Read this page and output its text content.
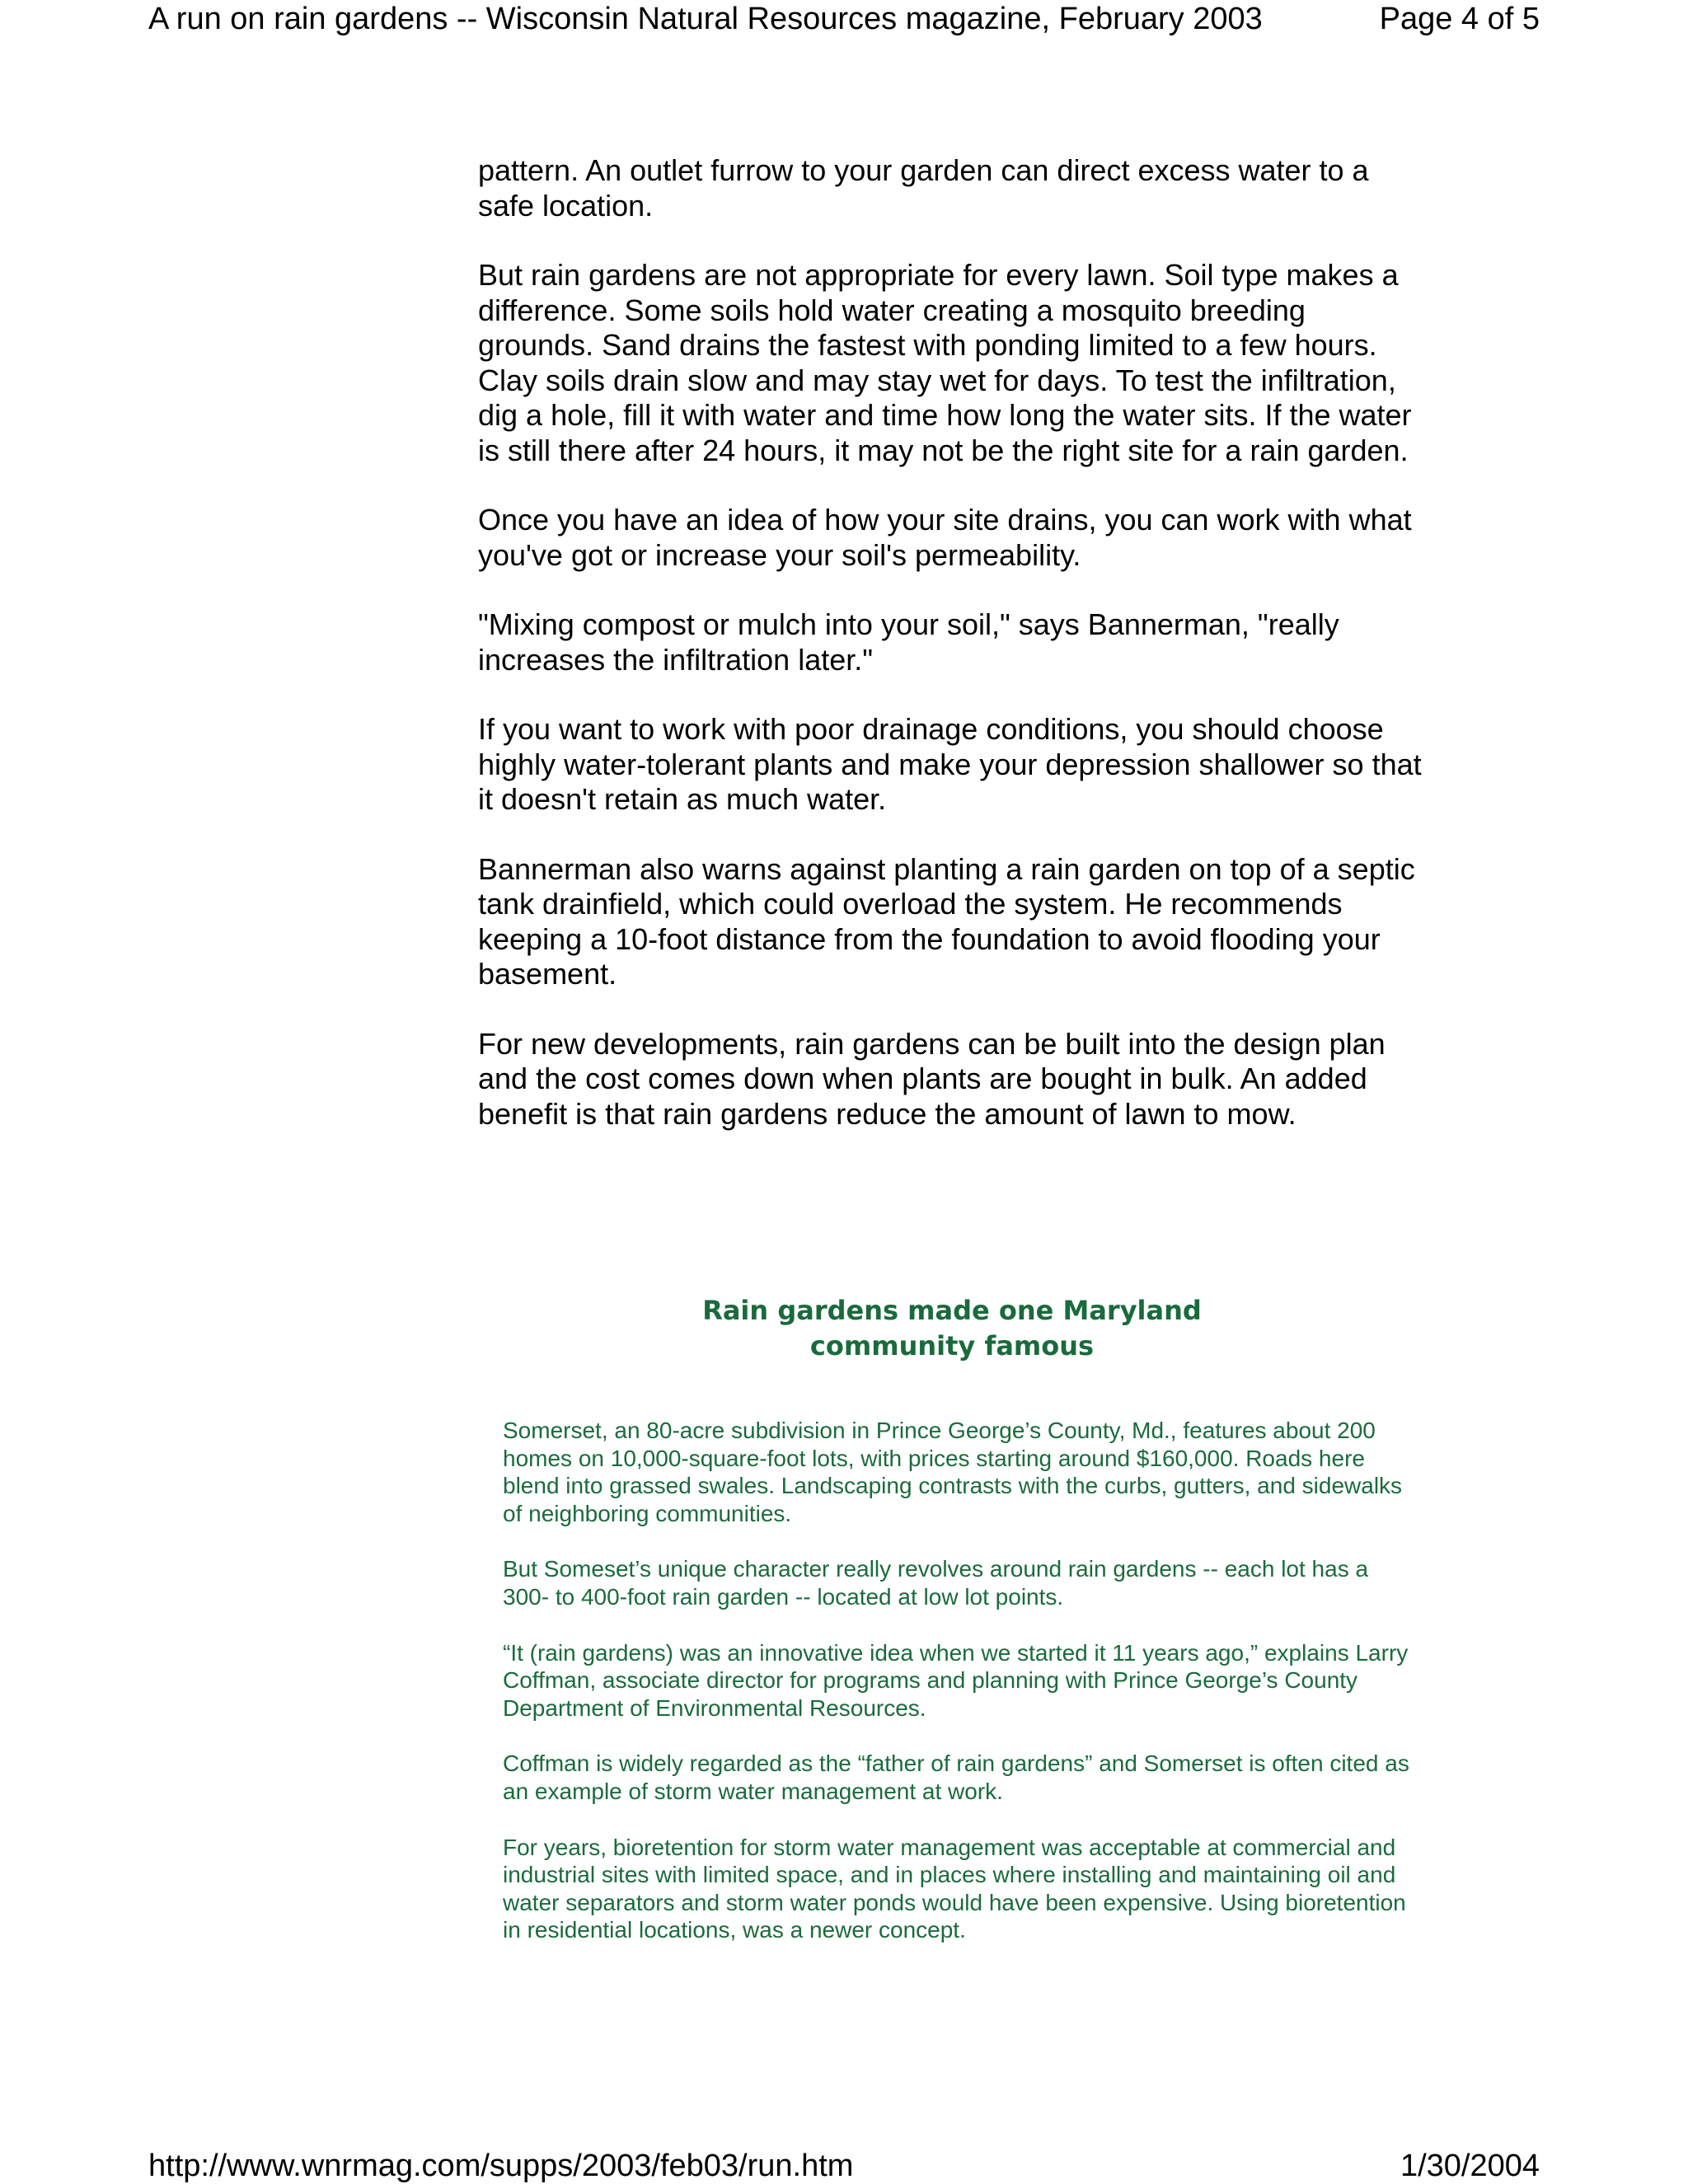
A run on rain gardens -- Wisconsin Natural Resources magazine, February 2003	Page 4 of 5

pattern. An outlet furrow to your garden can direct excess water to a safe location.

But rain gardens are not appropriate for every lawn. Soil type makes a difference. Some soils hold water creating a mosquito breeding grounds. Sand drains the fastest with ponding limited to a few hours. Clay soils drain slow and may stay wet for days. To test the infiltration, dig a hole, fill it with water and time how long the water sits. If the water is still there after 24 hours, it may not be the right site for a rain garden.

Once you have an idea of how your site drains, you can work with what you've got or increase your soil's permeability.

"Mixing compost or mulch into your soil," says Bannerman, "really increases the infiltration later."

If you want to work with poor drainage conditions, you should choose highly water-tolerant plants and make your depression shallower so that it doesn't retain as much water.

Bannerman also warns against planting a rain garden on top of a septic tank drainfield, which could overload the system. He recommends keeping a 10-foot distance from the foundation to avoid flooding your basement.

For new developments, rain gardens can be built into the design plan and the cost comes down when plants are bought in bulk. An added benefit is that rain gardens reduce the amount of lawn to mow.

Rain gardens made one Maryland
community famous

Somerset, an 80-acre subdivision in Prince George’s County, Md., features about 200 homes on 10,000-square-foot lots, with prices starting around $160,000. Roads here blend into grassed swales. Landscaping contrasts with the curbs, gutters, and sidewalks of neighboring communities.

But Someset’s unique character really revolves around rain gardens -- each lot has a 300- to 400-foot rain garden -- located at low lot points.

“It (rain gardens) was an innovative idea when we started it 11 years ago,” explains Larry Coffman, associate director for programs and planning with Prince George’s County Department of Environmental Resources.

Coffman is widely regarded as the “father of rain gardens” and Somerset is often cited as an example of storm water management at work.

For years, bioretention for storm water management was acceptable at commercial and industrial sites with limited space, and in places where installing and maintaining oil and water separators and storm water ponds would have been expensive. Using bioretention in residential locations, was a newer concept.

http://www.wnrmag.com/supps/2003/feb03/run.htm	1/30/2004
